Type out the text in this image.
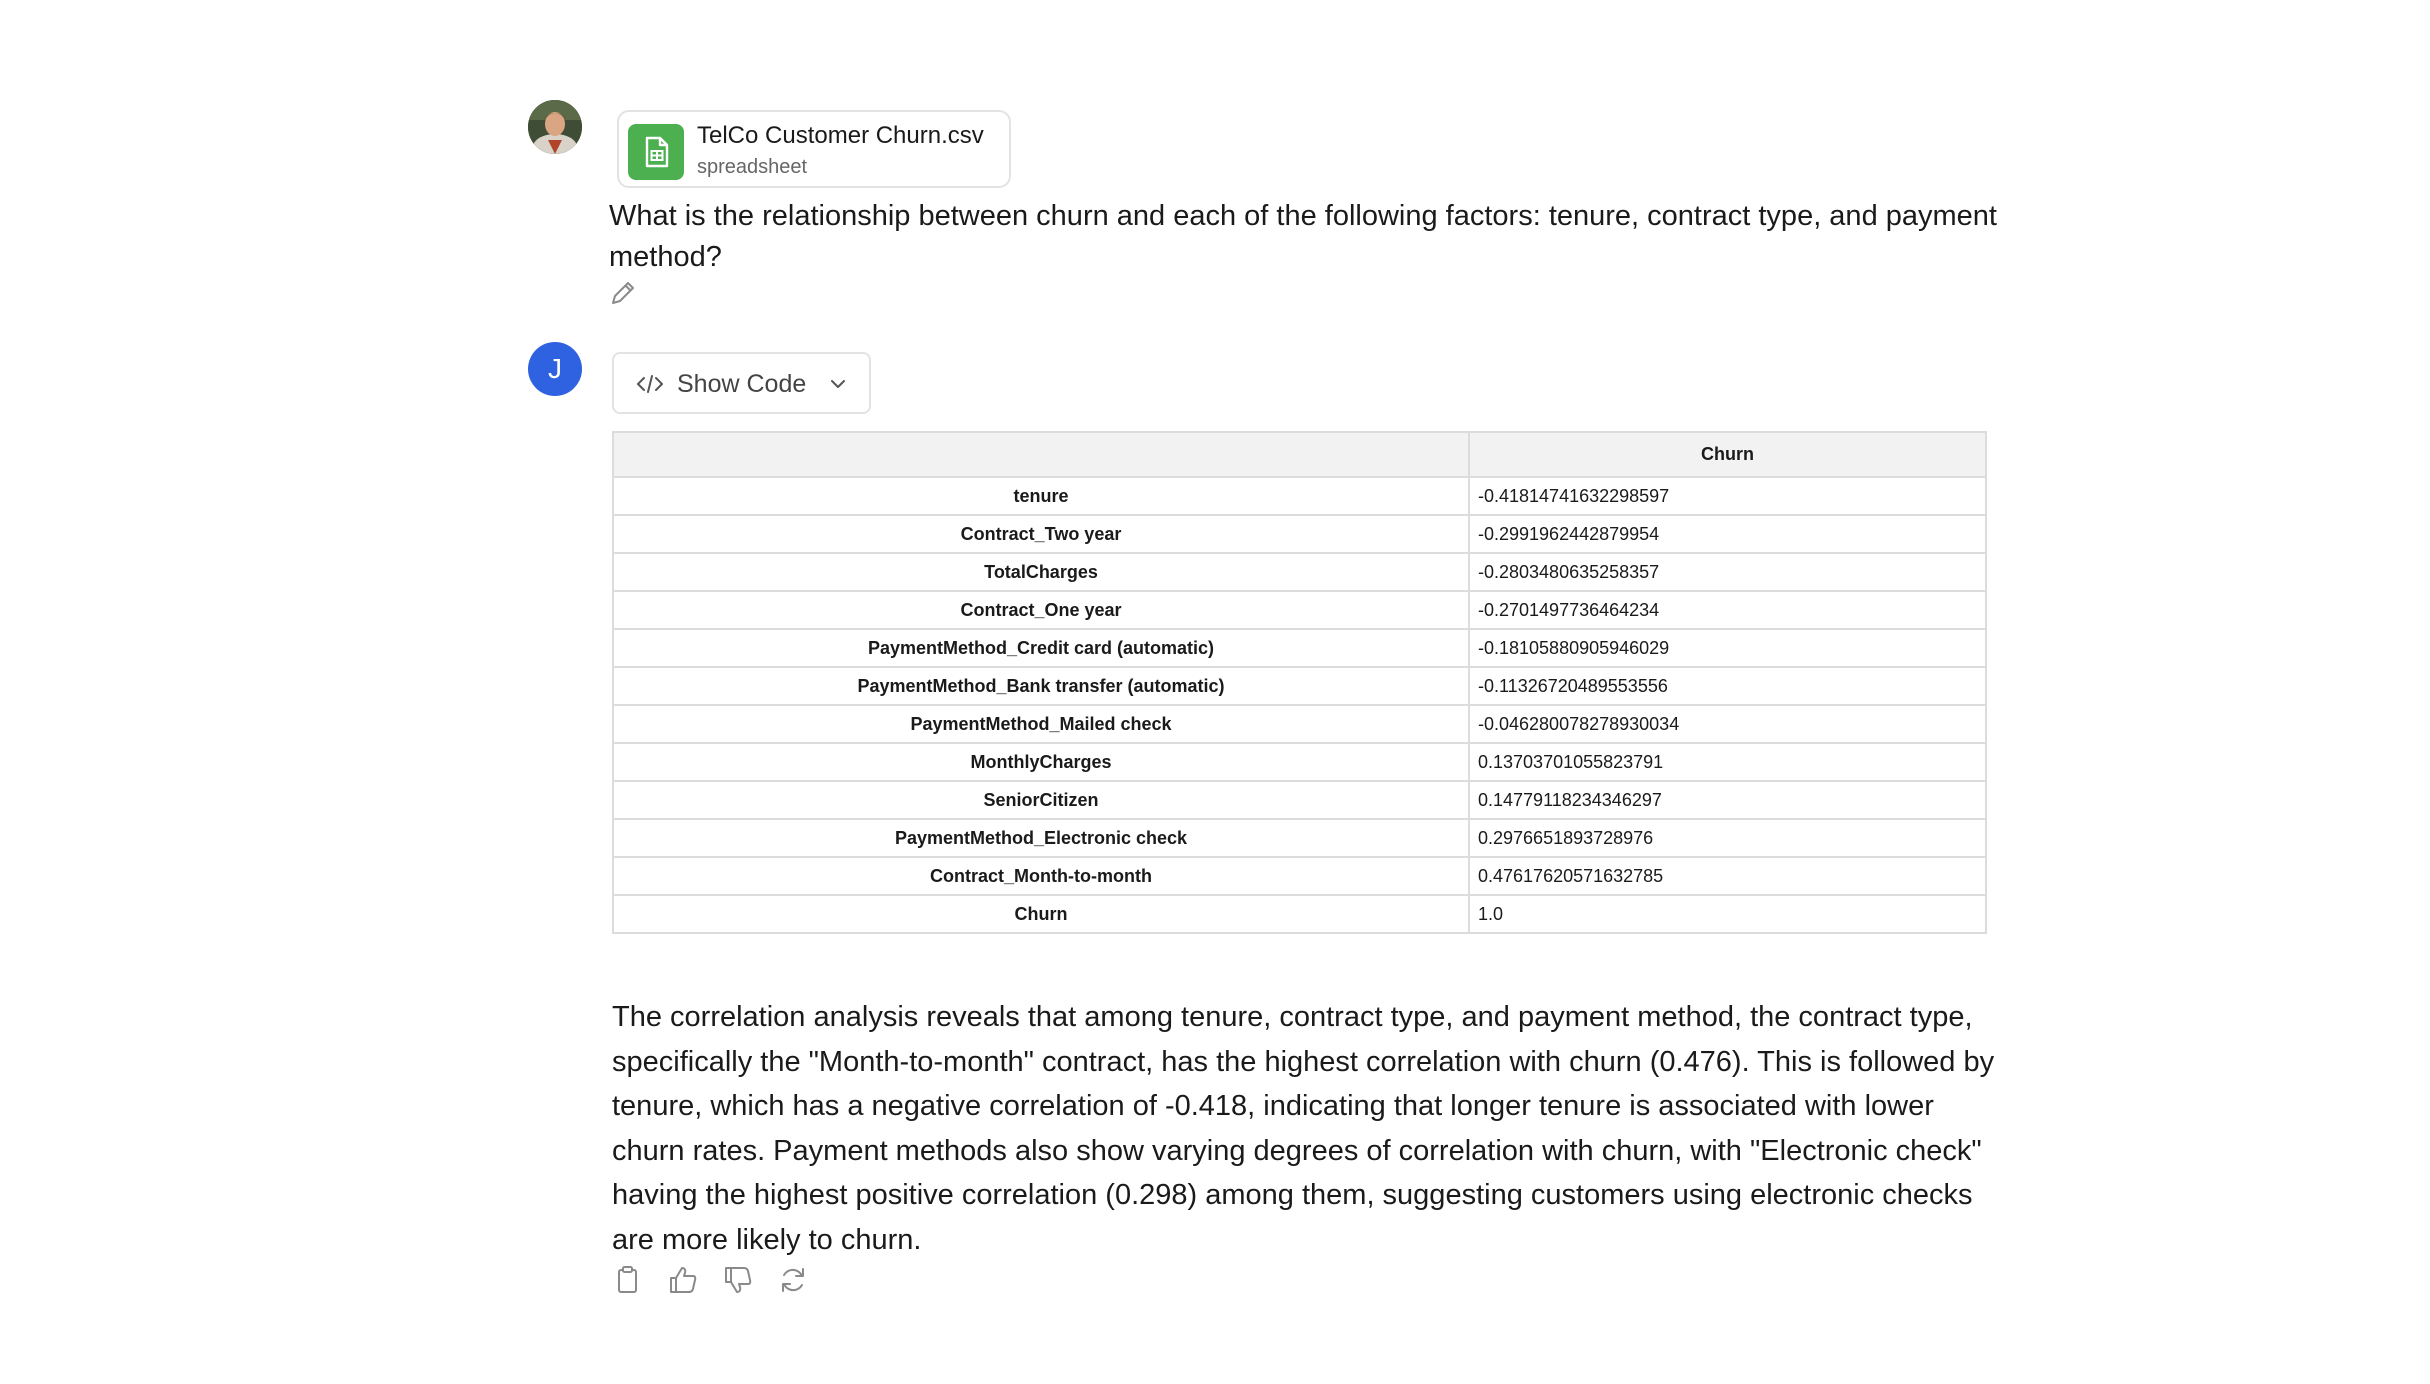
TelCo Customer Churn.csv
spreadsheet
What is the relationship between churn and each of the following factors: tenure, contract type, and payment method?
J	Show Code
	Churn
tenure	-0.41814741632298597
Contract_Two year	-0.2991962442879954
TotalCharges	-0.2803480635258357
Contract_One year	-0.2701497736464234
PaymentMethod_Credit card (automatic)	-0.18105880905946029
PaymentMethod_Bank transfer (automatic)	-0.11326720489553556
PaymentMethod_Mailed check	-0.046280078278930034
MonthlyCharges	0.13703701055823791
SeniorCitizen	0.14779118234346297
PaymentMethod_Electronic check	0.2976651893728976
Contract_Month-to-month	0.47617620571632785
Churn	1.0
The correlation analysis reveals that among tenure, contract type, and payment method, the contract type, specifically the "Month-to-month" contract, has the highest correlation with churn (0.476). This is followed by tenure, which has a negative correlation of -0.418, indicating that longer tenure is associated with lower churn rates. Payment methods also show varying degrees of correlation with churn, with "Electronic check" having the highest positive correlation (0.298) among them, suggesting customers using electronic checks are more likely to churn.
